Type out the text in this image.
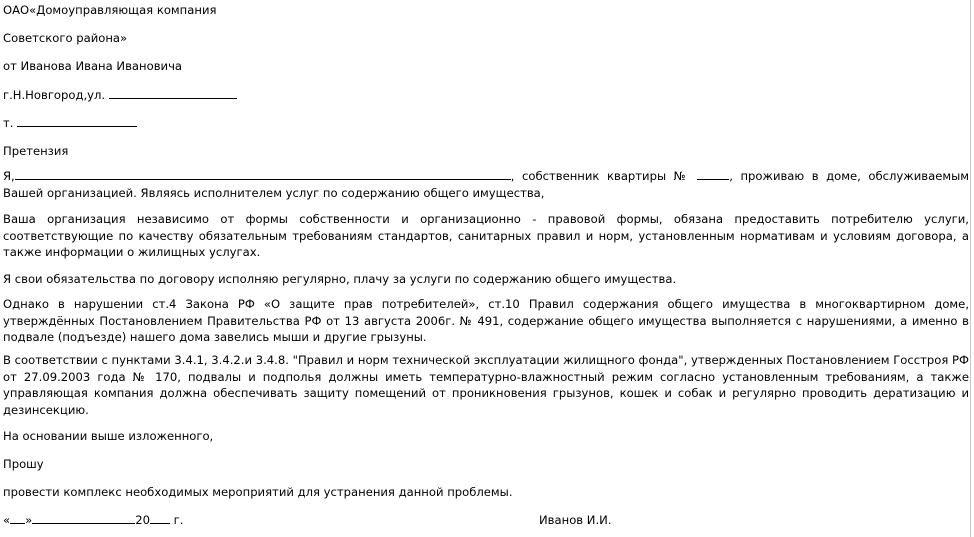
ОАО«Домоуправляющая компания
Советского района»
от Иванова Ивана Ивановича
г.Н.Новгород,ул.
т.
Претензия
Я,	, собственник квартиры №	, проживаю в доме, обслуживаемым Вашей организацией. Являясь исполнителем услуг по содержанию общего имущества,
Ваша организация независимо от формы собственности и организационно - правовой формы, обязана предоставить потребителю услуги, соответствующие по качеству обязательным требованиям стандартов, санитарных правил и норм, установленным нормативам и условиям договора, а также информации о жилищных услугах.
Я свои обязательства по договору исполняю регулярно, плачу за услуги по содержанию общего имущества.
Однако в нарушении ст.4 Закона РФ «О защите прав потребителей», ст.10 Правил содержания общего имущества в многоквартирном доме, утверждённых Постановлением Правительства РФ от 13 августа 2006г. № 491, содержание общего имущества выполняется с нарушениями, а именно в подвале (подъезде) нашего дома завелись мыши и другие грызуны.
В соответствии с пунктами 3.4.1, 3.4.2.и 3.4.8. "Правил и норм технической эксплуатации жилищного фонда", утвержденных Постановлением Госстроя РФ от 27.09.2003 года № 170, подвалы и подполья должны иметь температурно-влажностный режим согласно установленным требованиям, а также управляющая компания должна обеспечивать защиту помещений от проникновения грызунов, кошек и собак и регулярно проводить дератизацию и дезинсекцию.
На основании выше изложенного,
Прошу
провести комплекс необходимых мероприятий для устранения данной проблемы.
« »	20 г.	Иванов И.И.
